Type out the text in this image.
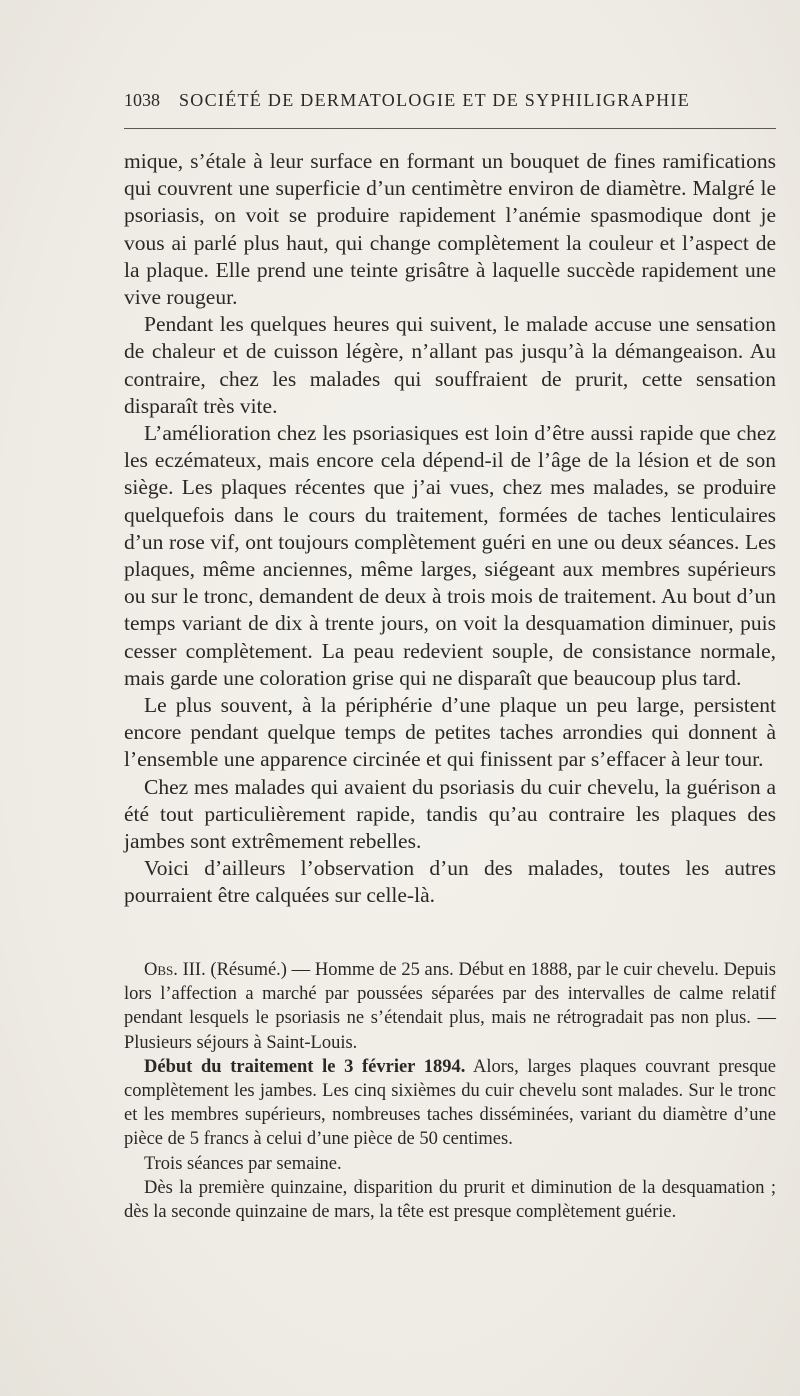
1038 SOCIÉTÉ DE DERMATOLOGIE ET DE SYPHILIGRAPHIE

mique, s’étale à leur surface en formant un bouquet de fines ramifications qui couvrent une superficie d’un centimètre environ de diamètre. Malgré le psoriasis, on voit se produire rapidement l’anémie spasmodique dont je vous ai parlé plus haut, qui change complètement la couleur et l’aspect de la plaque. Elle prend une teinte grisâtre à laquelle succède rapidement une vive rougeur.

Pendant les quelques heures qui suivent, le malade accuse une sensation de chaleur et de cuisson légère, n’allant pas jusqu’à la démangeaison. Au contraire, chez les malades qui souffraient de prurit, cette sensation disparaît très vite.

L’amélioration chez les psoriasiques est loin d’être aussi rapide que chez les eczémateux, mais encore cela dépend-il de l’âge de la lésion et de son siège. Les plaques récentes que j’ai vues, chez mes malades, se produire quelquefois dans le cours du traitement, formées de taches lenticulaires d’un rose vif, ont toujours complètement guéri en une ou deux séances. Les plaques, même anciennes, même larges, siégeant aux membres supérieurs ou sur le tronc, demandent de deux à trois mois de traitement. Au bout d’un temps variant de dix à trente jours, on voit la desquamation diminuer, puis cesser complètement. La peau redevient souple, de consistance normale, mais garde une coloration grise qui ne disparaît que beaucoup plus tard.

Le plus souvent, à la périphérie d’une plaque un peu large, persistent encore pendant quelque temps de petites taches arrondies qui donnent à l’ensemble une apparence circinée et qui finissent par s’effacer à leur tour.

Chez mes malades qui avaient du psoriasis du cuir chevelu, la guérison a été tout particulièrement rapide, tandis qu’au contraire les plaques des jambes sont extrêmement rebelles.

Voici d’ailleurs l’observation d’un des malades, toutes les autres pourraient être calquées sur celle-là.

Obs. III. (Résumé.) — Homme de 25 ans. Début en 1888, par le cuir chevelu. Depuis lors l’affection a marché par poussées séparées par des intervalles de calme relatif pendant lesquels le psoriasis ne s’étendait plus, mais ne rétrogradait pas non plus. — Plusieurs séjours à Saint-Louis.

Début du traitement le 3 février 1894. Alors, larges plaques couvrant presque complètement les jambes. Les cinq sixièmes du cuir chevelu sont malades. Sur le tronc et les membres supérieurs, nombreuses taches disséminées, variant du diamètre d’une pièce de 5 francs à celui d’une pièce de 50 centimes.

Trois séances par semaine.

Dès la première quinzaine, disparition du prurit et diminution de la desquamation ; dès la seconde quinzaine de mars, la tête est presque complètement guérie.
